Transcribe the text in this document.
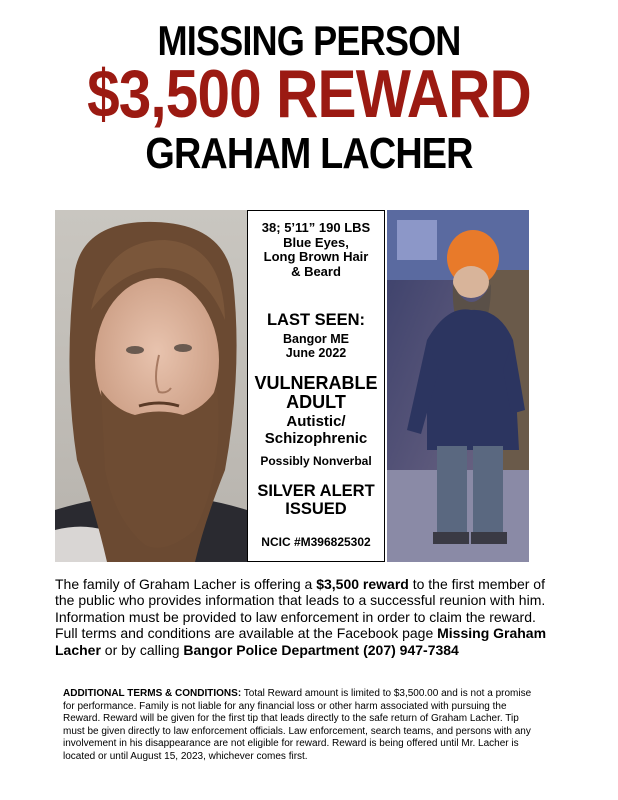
MISSING PERSON
$3,500 REWARD
GRAHAM LACHER
38; 5’11” 190 LBS
Blue Eyes,
Long Brown Hair
& Beard
LAST SEEN:
Bangor ME
June 2022
VULNERABLE
ADULT
Autistic/
Schizophrenic
Possibly Nonverbal
SILVER ALERT
ISSUED
NCIC #M396825302

The family of Graham Lacher is offering a $3,500 reward to the first member of the public who provides information that leads to a successful reunion with him. Information must be provided to law enforcement in order to claim the reward. Full terms and conditions are available at the Facebook page Missing Graham Lacher or by calling Bangor Police Department (207) 947-7384

ADDITIONAL TERMS & CONDITIONS: Total Reward amount is limited to $3,500.00 and is not a promise for performance. Family is not liable for any financial loss or other harm associated with pursuing the Reward. Reward will be given for the first tip that leads directly to the safe return of Graham Lacher. Tip must be given directly to law enforcement officials. Law enforcement, search teams, and persons with any involvement in his disappearance are not eligible for reward. Reward is being offered until Mr. Lacher is located or until August 15, 2023, whichever comes first.
